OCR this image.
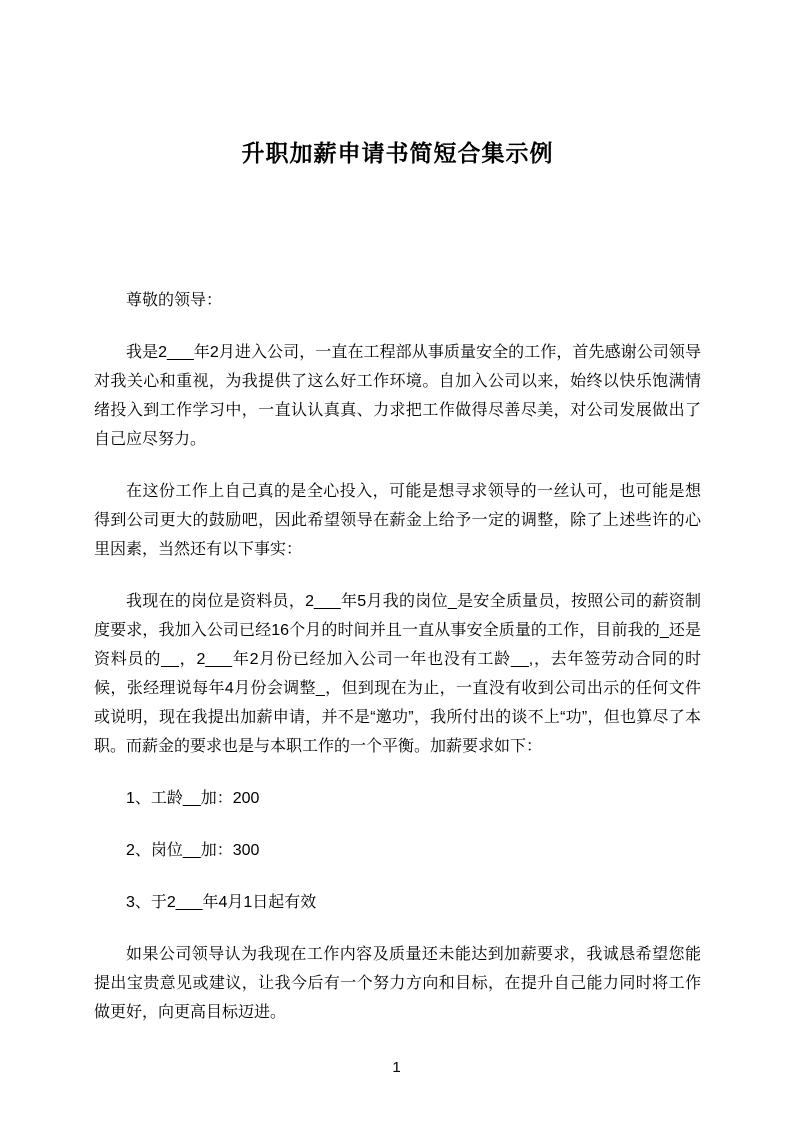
升职加薪申请书简短合集示例

尊敬的领导：

我是2___年2月进入公司，一直在工程部从事质量安全的工作，首先感谢公司领导对我关心和重视，为我提供了这么好工作环境。自加入公司以来，始终以快乐饱满情绪投入到工作学习中，一直认认真真、力求把工作做得尽善尽美，对公司发展做出了自己应尽努力。

在这份工作上自己真的是全心投入，可能是想寻求领导的一丝认可，也可能是想得到公司更大的鼓励吧，因此希望领导在薪金上给予一定的调整，除了上述些许的心里因素，当然还有以下事实：

我现在的岗位是资料员，2___年5月我的岗位_是安全质量员，按照公司的薪资制度要求，我加入公司已经16个月的时间并且一直从事安全质量的工作，目前我的_还是资料员的__，2___年2月份已经加入公司一年也没有工龄__,，去年签劳动合同的时候，张经理说每年4月份会调整_，但到现在为止，一直没有收到公司出示的任何文件或说明，现在我提出加薪申请，并不是“邀功”，我所付出的谈不上“功”，但也算尽了本职。而薪金的要求也是与本职工作的一个平衡。加薪要求如下：

1、工龄__加：200

2、岗位__加：300

3、于2___年4月1日起有效

如果公司领导认为我现在工作内容及质量还未能达到加薪要求，我诚恳希望您能提出宝贵意见或建议，让我今后有一个努力方向和目标，在提升自己能力同时将工作做更好，向更高目标迈进。

1
